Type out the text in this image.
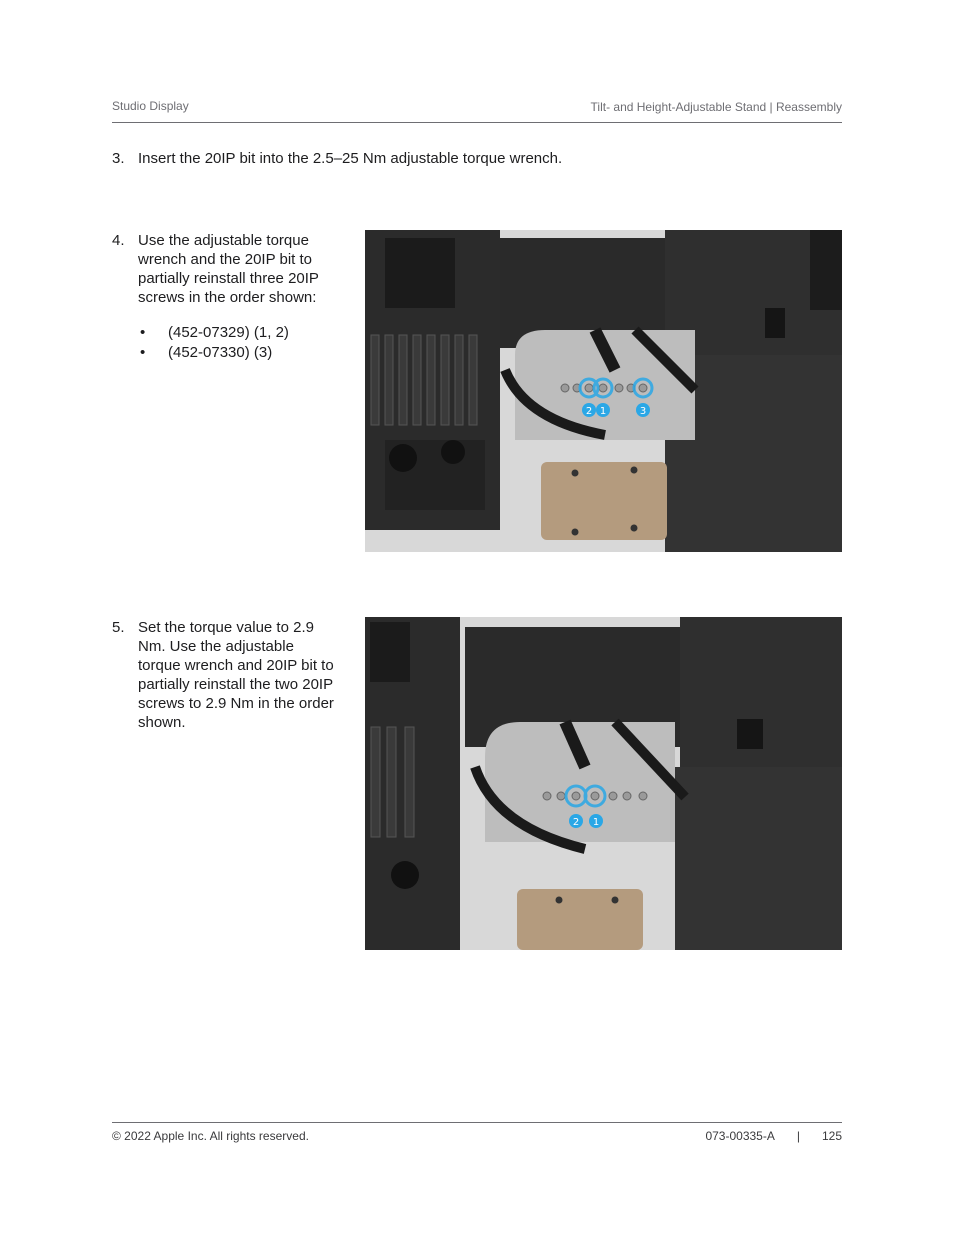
Studio Display	Tilt- and Height-Adjustable Stand | Reassembly
3. Insert the 20IP bit into the 2.5–25 Nm adjustable torque wrench.
4. Use the adjustable torque wrench and the 20IP bit to partially reinstall three 20IP screws in the order shown:
• (452-07329) (1, 2)
• (452-07330) (3)
2 1	3
5. Set the torque value to 2.9 Nm. Use the adjustable torque wrench and 20IP bit to partially reinstall the two 20IP screws to 2.9 Nm in the order shown.
2 1
© 2022 Apple Inc. All rights reserved.	073-00335-A | 125
